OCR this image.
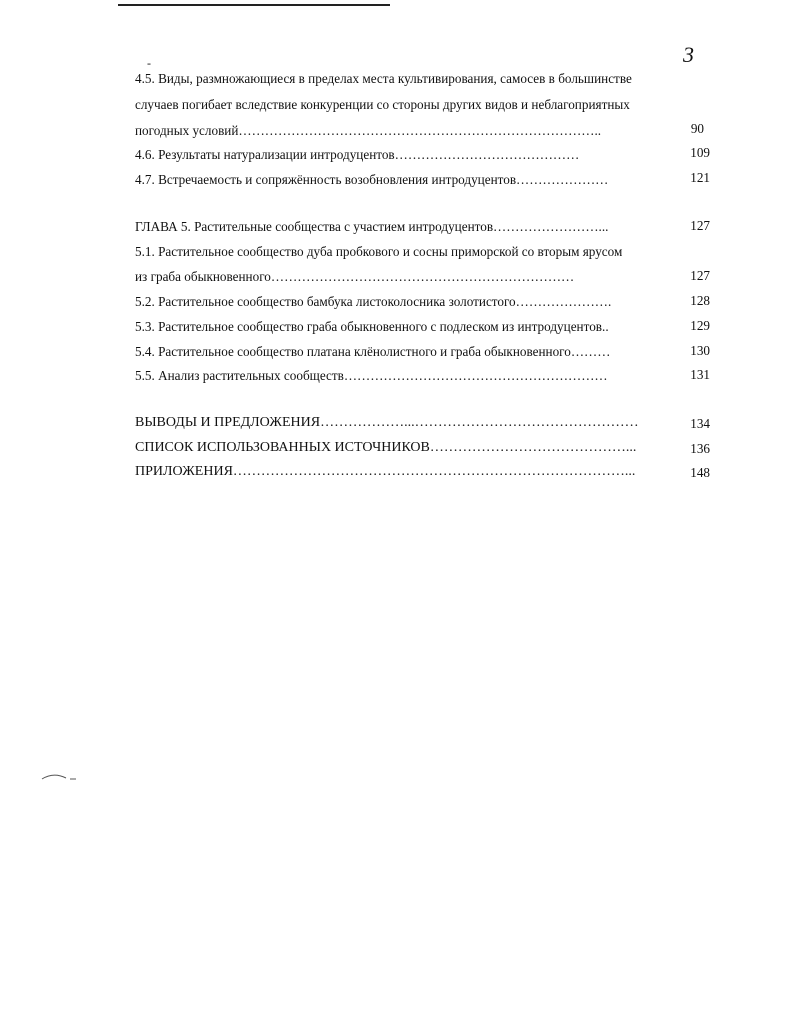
-	3
4.5. Виды, размножающиеся в пределах места культивирования, самосев в большинстве
случаев погибает вследствие конкуренции со стороны других видов и неблагоприятных
погодных условий………………………………………………………………………..	90
4.6. Результаты натурализации интродуцентов……………………………………	109
4.7. Встречаемость и сопряжённость возобновления интродуцентов…………………	121
ГЛАВА 5. Растительные сообщества с участием интродуцентов……………………...	127
5.1. Растительное сообщество дуба пробкового и сосны приморской со вторым ярусом
из граба обыкновенного……………………………………………………………	127
5.2. Растительное сообщество бамбука листоколосника золотистого………………….	128
5.3. Растительное сообщество граба обыкновенного с подлеском из интродуцентов..	129
5.4. Растительное сообщество платана клёнолистного и граба обыкновенного………	130
5.5. Анализ растительных сообществ……………………………………………………	131
ВЫВОДЫ И ПРЕДЛОЖЕНИЯ………………...…………………………………………	134
СПИСОК ИСПОЛЬЗОВАННЫХ ИСТОЧНИКОВ……………………………………...	136
ПРИЛОЖЕНИЯ…………………………………………………………………………...	148
